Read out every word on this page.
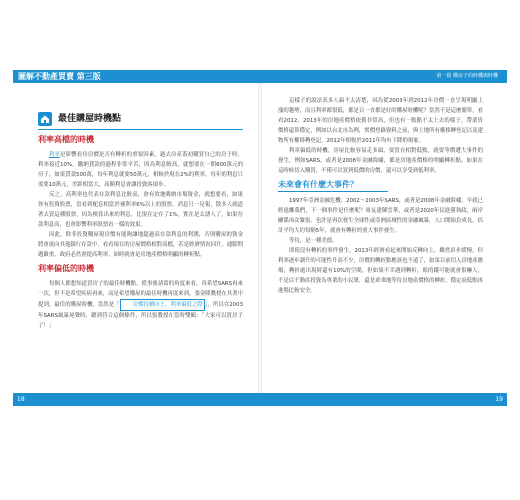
圖解不動產買賣 第三版	第一篇 購房子的時機與時機
最佳購屋時機點
利率高檔的時機

利率是影響看待房價是否有轉折的重要因素，過去房產蓋初購買自己的房子時，利率接近10%，繳納貸款的過程非常辛苦，因為利息較高，就想要在一開600萬元的房子，如果貸款500萬，每年利息就要50萬元，相較於現在2%的利率，每年的利息只需要10萬元，差距相當大，高額利息會讓投資客卻步。

反之，高利率也代表存款利息比較高，會有效地吸納市場資金，就想要看，如果你有投資股票，當看到配息相當於補利率6%以上的股票，消息只一見報，散多人就道著去買這種股票，因為換算出來的利息，比現在定存了1%，實在是太誘人了，如果存款利息高，也會影響利率股票看一樣的效果。

因此，除非投資購屋現房價有能夠讓地超過高存款利息的利潤，否則購屋的資金將會流向其他銀行存款中，看看現在的房屋價格相對高檔，若是經濟情況回升，通膨問題嚴重，政府必然會提高利率，屆時就會是房地產價格明顯的轉折點。

利率偏低的時機

每個人都想知道買房子的最佳時機點，從事後諸葛的角度來看，真希望SARS再來一次，但不是希望疾病再來，而是希望購屋的最佳時機再度來到。張金隆教授在其著中提到，最佳的購屋時機，當然是「 房價持續向上、利率偏低之際 」，所以在2003年SARS風暴尾聲時，聽到符合這個條件，所以張教授在當時雙鶴：「大家可以買房子了！」

這樣子的說法表多人搞不太清楚，因為從2003年到2012年房價一直呈現明顯上漲的趨勢，而且利率都很低，都是百一直都是好的購屋時機呢？當然不是這麼簡單，看看2012、2013年的房地產價格依舊非常高，但也有一點點不太上去的樣子，帶業皆價格還算穩定，例如以台北市為例，實價登錄資料之前，與土地所有權移轉登記以及建物所有權移轉登記，2012年相較於2011年均有下降的現象。

利率偏低的時機，房屋比較容易走多頭，要買在相對低點，就要等價遭大事件的發生，例如SARS，或者是2008年金融海嘯，都是房地產價格的明顯轉折點，如果在這時候切入購買，不僅可以買到低價的房價，還可以享受到低利率。

未來會有什麼大事件？

1997年亞洲金融危機、2002～2003年SARS，或者是2008年金融海嘯，早就已經遠離我們，下一個事件是什麼呢？周友建陳雲華，或者是2020年民進黨執政，兩岸關係再次緊張，也許是再次發生全球性或亞洲區域性的金融風暴，人口開始負成長，估計平均大約每隔5年，就會有轉折的重大事件發生。

等待，是一種美德。

即使沒有轉折的事件發生，2013年經濟看起來開始反轉向上，雖然景步緩慢，但利率逐步調升的可能性升高不少，房價的轉折點應該也不遠了，如果目前切入房地產應場，轉折處出現時還有10%的空間，但如果不幸遇到轉折，賠的錢可能就會很嚇人，不是以不動產投資為專業的小民眾，還是乖乖地等待房地產價格的轉折，穩定而低點再進場比較安全。

18	19
